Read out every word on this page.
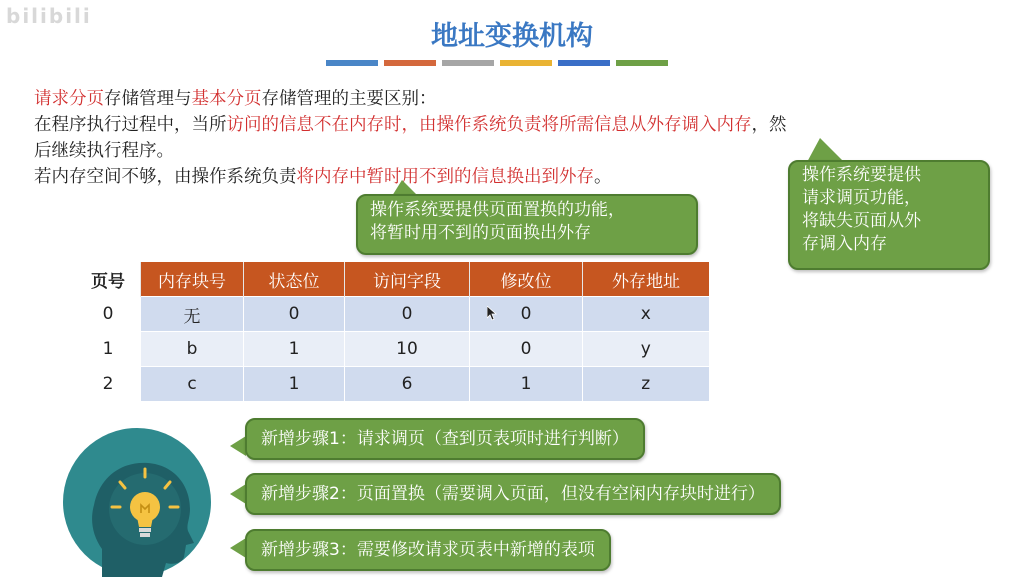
bilibili
地址变换机构
请求分页存储管理与基本分页存储管理的主要区别：
在程序执行过程中，当所访问的信息不在内存时，由操作系统负责将所需信息从外存调入内存，然
后继续执行程序。
若内存空间不够，由操作系统负责将内存中暂时用不到的信息换出到外存。	操作系统要提供
请求调页功能，
将缺失页面从外
存调入内存
操作系统要提供页面置换的功能，
将暂时用不到的页面换出外存
页号	内存块号	状态位	访问字段	修改位	外存地址
0	无	0	0	0	x
1	b	1	10	0	y
2	c	1	6	1	z
新增步骤1：请求调页（查到页表项时进行判断）
新增步骤2：页面置换（需要调入页面，但没有空闲内存块时进行）
新增步骤3：需要修改请求页表中新增的表项
